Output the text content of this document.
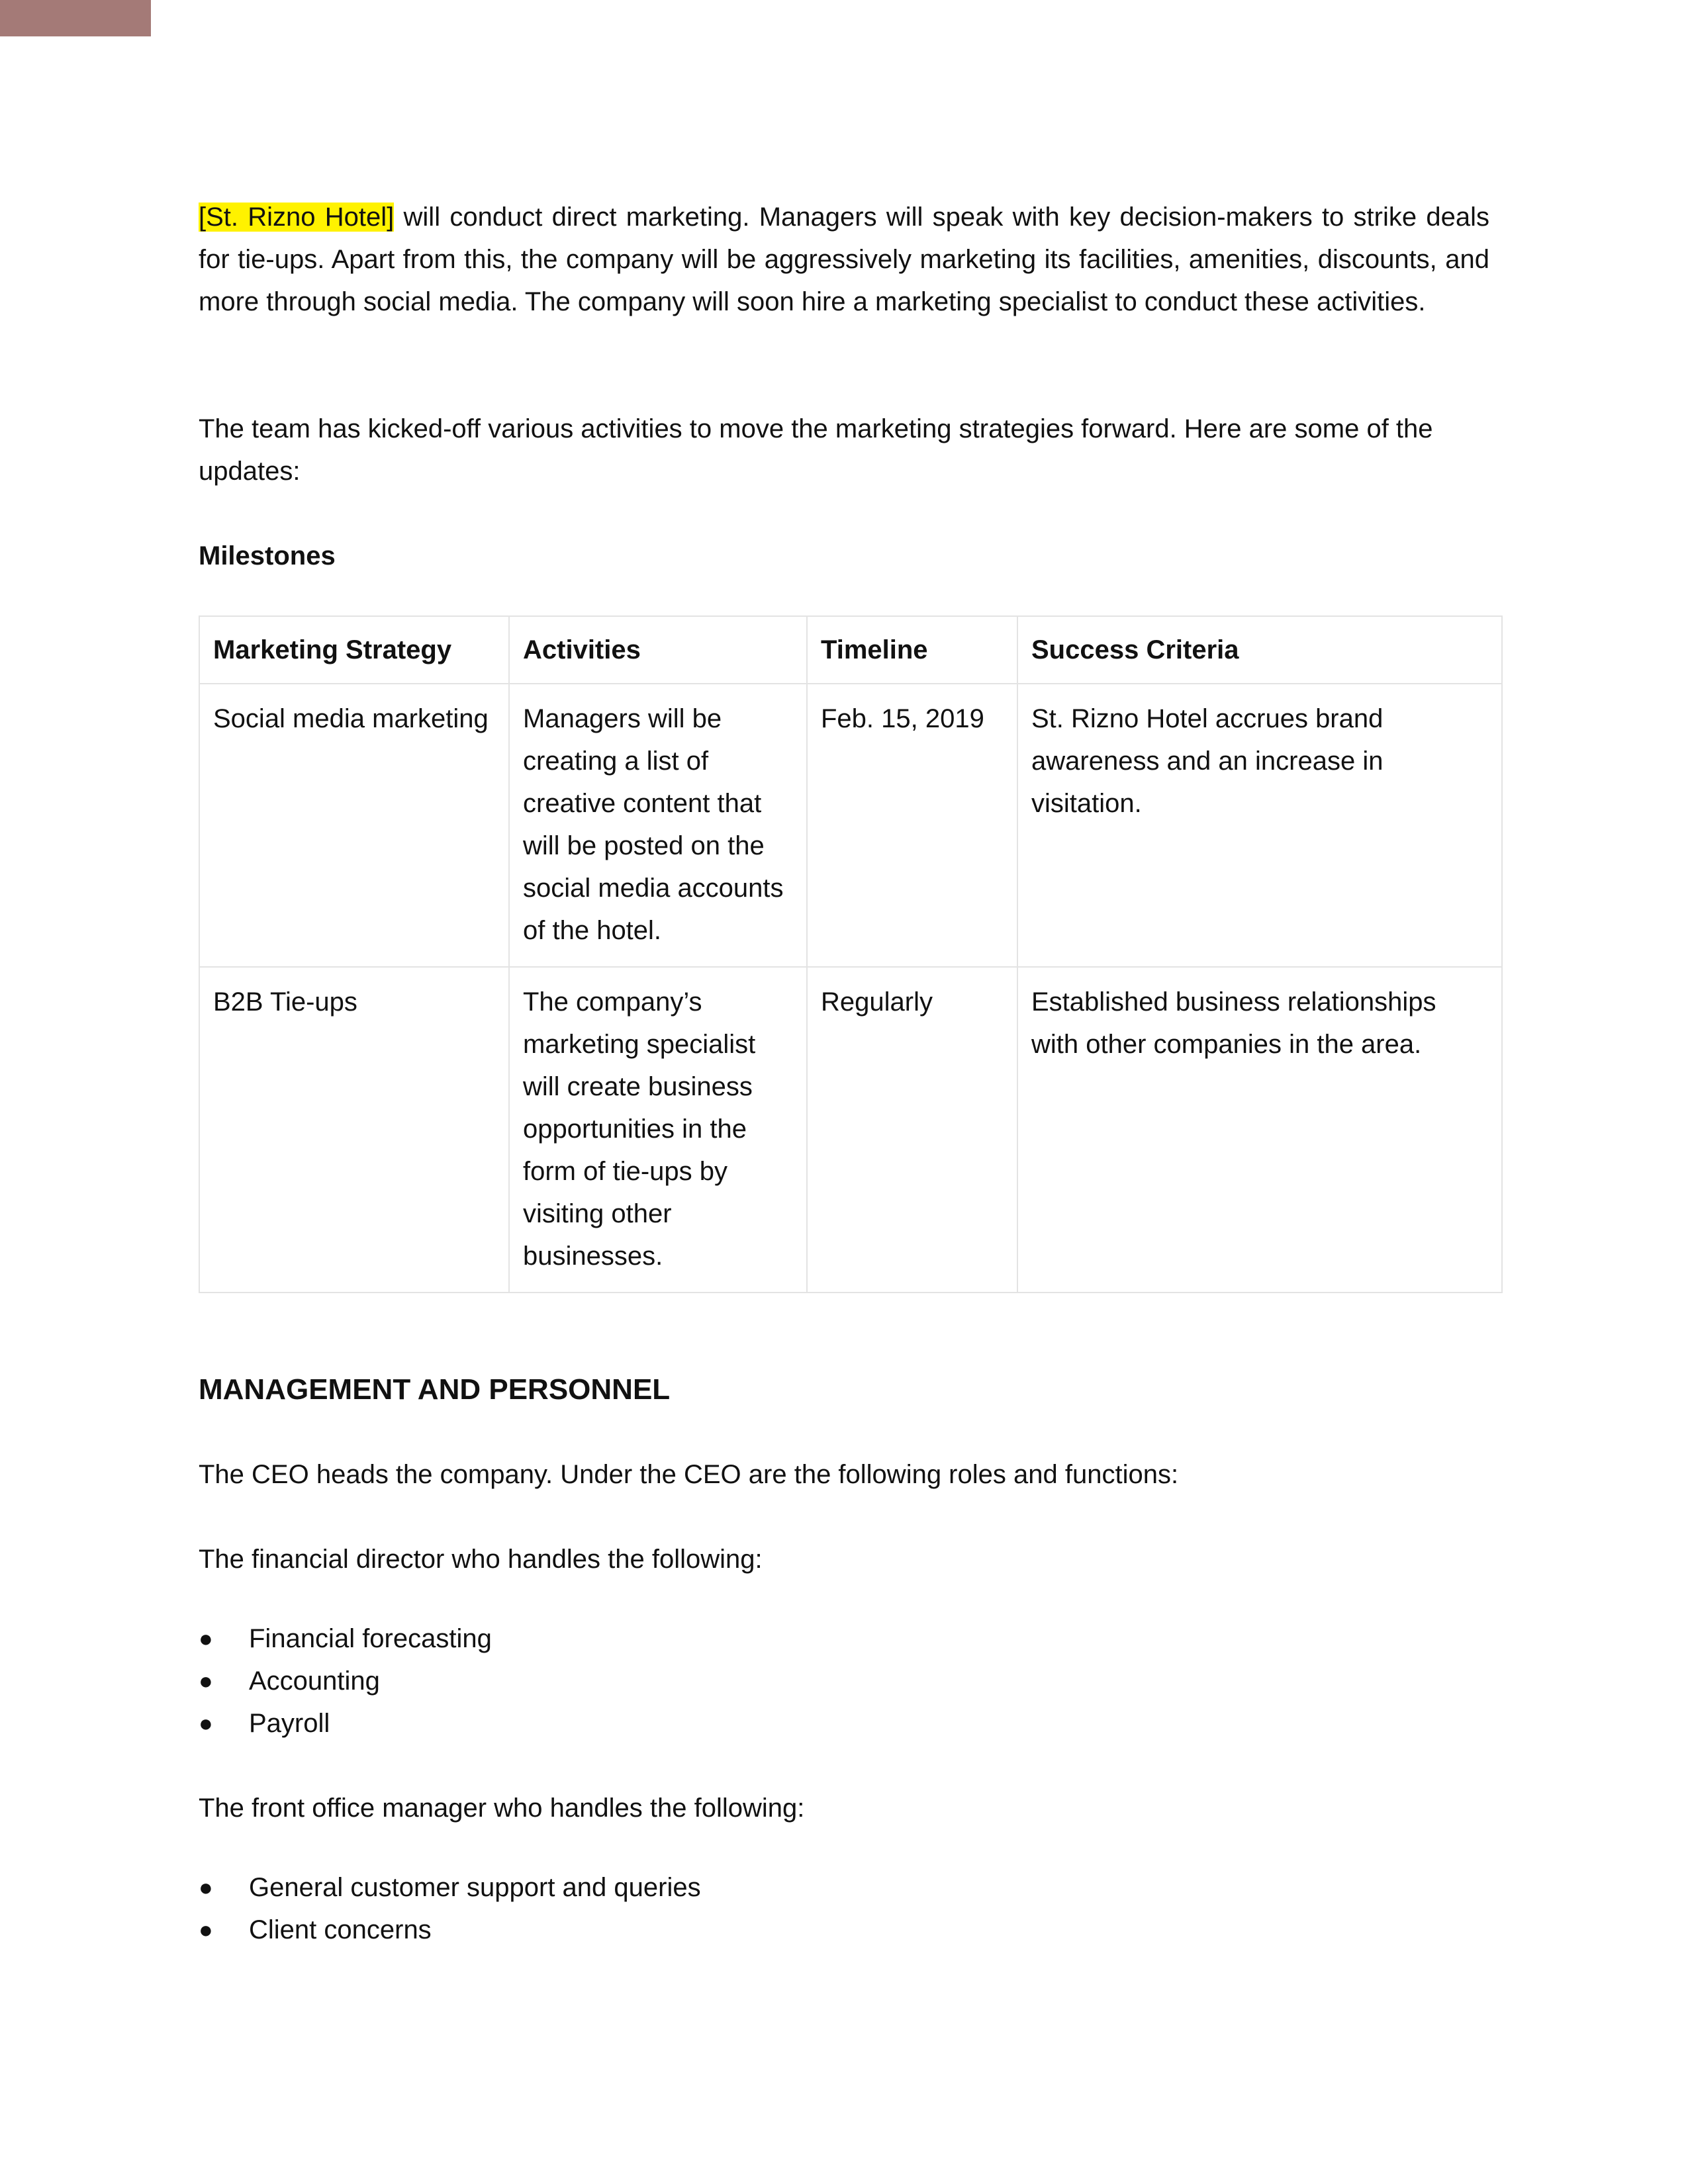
[St. Rizno Hotel] will conduct direct marketing. Managers will speak with key decision-makers to strike deals for tie-ups. Apart from this, the company will be aggressively marketing its facilities, amenities, discounts, and more through social media. The company will soon hire a marketing specialist to conduct these activities.

The team has kicked-off various activities to move the marketing strategies forward. Here are some of the updates:

Milestones

Marketing Strategy	Activities	Timeline	Success Criteria
Social media marketing	Managers will be creating a list of creative content that will be posted on the social media accounts of the hotel.	Feb. 15, 2019	St. Rizno Hotel accrues brand awareness and an increase in visitation.
B2B Tie-ups	The company’s marketing specialist will create business opportunities in the form of tie-ups by visiting other businesses.	Regularly	Established business relationships with other companies in the area.

MANAGEMENT AND PERSONNEL

The CEO heads the company. Under the CEO are the following roles and functions:

The financial director who handles the following:

● Financial forecasting
● Accounting
● Payroll

The front office manager who handles the following:

● General customer support and queries
● Client concerns
